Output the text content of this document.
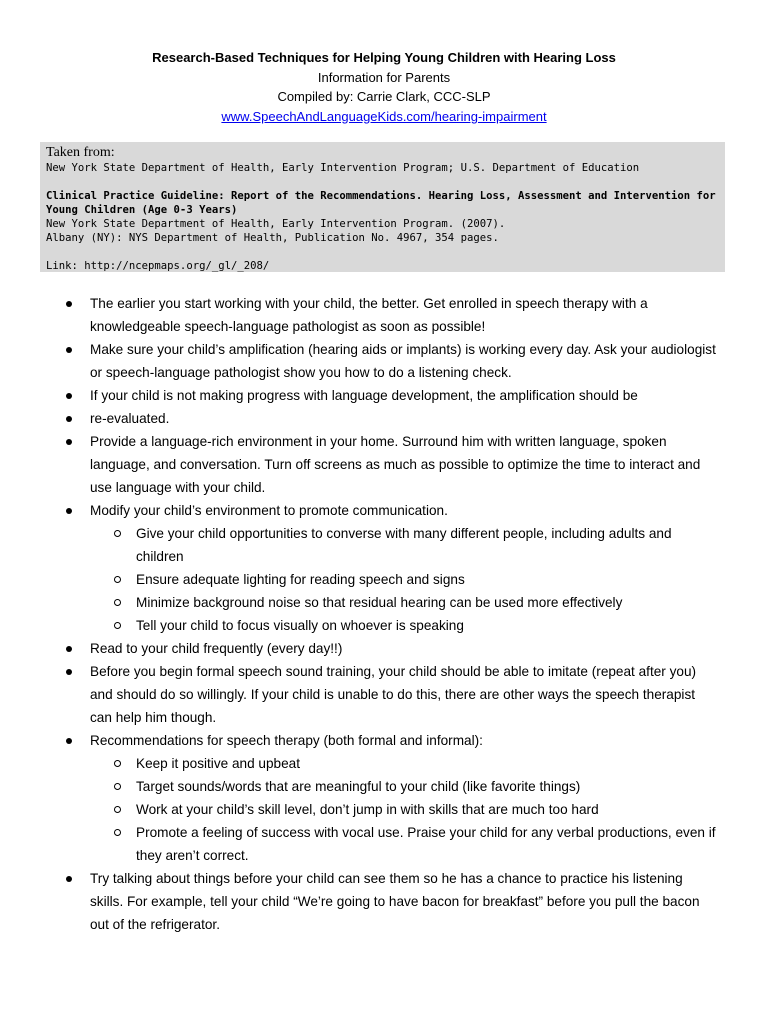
Research-Based Techniques for Helping Young Children with Hearing Loss
Information for Parents
Compiled by: Carrie Clark, CCC-SLP
www.SpeechAndLanguageKids.com/hearing-impairment
Taken from:
New York State Department of Health, Early Intervention Program; U.S. Department of Education
Clinical Practice Guideline: Report of the Recommendations. Hearing Loss, Assessment and Intervention for Young Children (Age 0-3 Years)
New York State Department of Health, Early Intervention Program. (2007).
Albany (NY): NYS Department of Health, Publication No. 4967, 354 pages.
Link: http://ncepmaps.org/_gl/_208/
The earlier you start working with your child, the better. Get enrolled in speech therapy with a knowledgeable speech-language pathologist as soon as possible!
Make sure your child’s amplification (hearing aids or implants) is working every day. Ask your audiologist or speech-language pathologist show you how to do a listening check.
If your child is not making progress with language development, the amplification should be
re-evaluated.
Provide a language-rich environment in your home. Surround him with written language, spoken language, and conversation. Turn off screens as much as possible to optimize the time to interact and use language with your child.
Modify your child’s environment to promote communication.
Give your child opportunities to converse with many different people, including adults and children
Ensure adequate lighting for reading speech and signs
Minimize background noise so that residual hearing can be used more effectively
Tell your child to focus visually on whoever is speaking
Read to your child frequently (every day!!)
Before you begin formal speech sound training, your child should be able to imitate (repeat after you) and should do so willingly. If your child is unable to do this, there are other ways the speech therapist can help him though.
Recommendations for speech therapy (both formal and informal):
Keep it positive and upbeat
Target sounds/words that are meaningful to your child (like favorite things)
Work at your child’s skill level, don’t jump in with skills that are much too hard
Promote a feeling of success with vocal use. Praise your child for any verbal productions, even if they aren’t correct.
Try talking about things before your child can see them so he has a chance to practice his listening skills. For example, tell your child “We’re going to have bacon for breakfast” before you pull the bacon out of the refrigerator.
